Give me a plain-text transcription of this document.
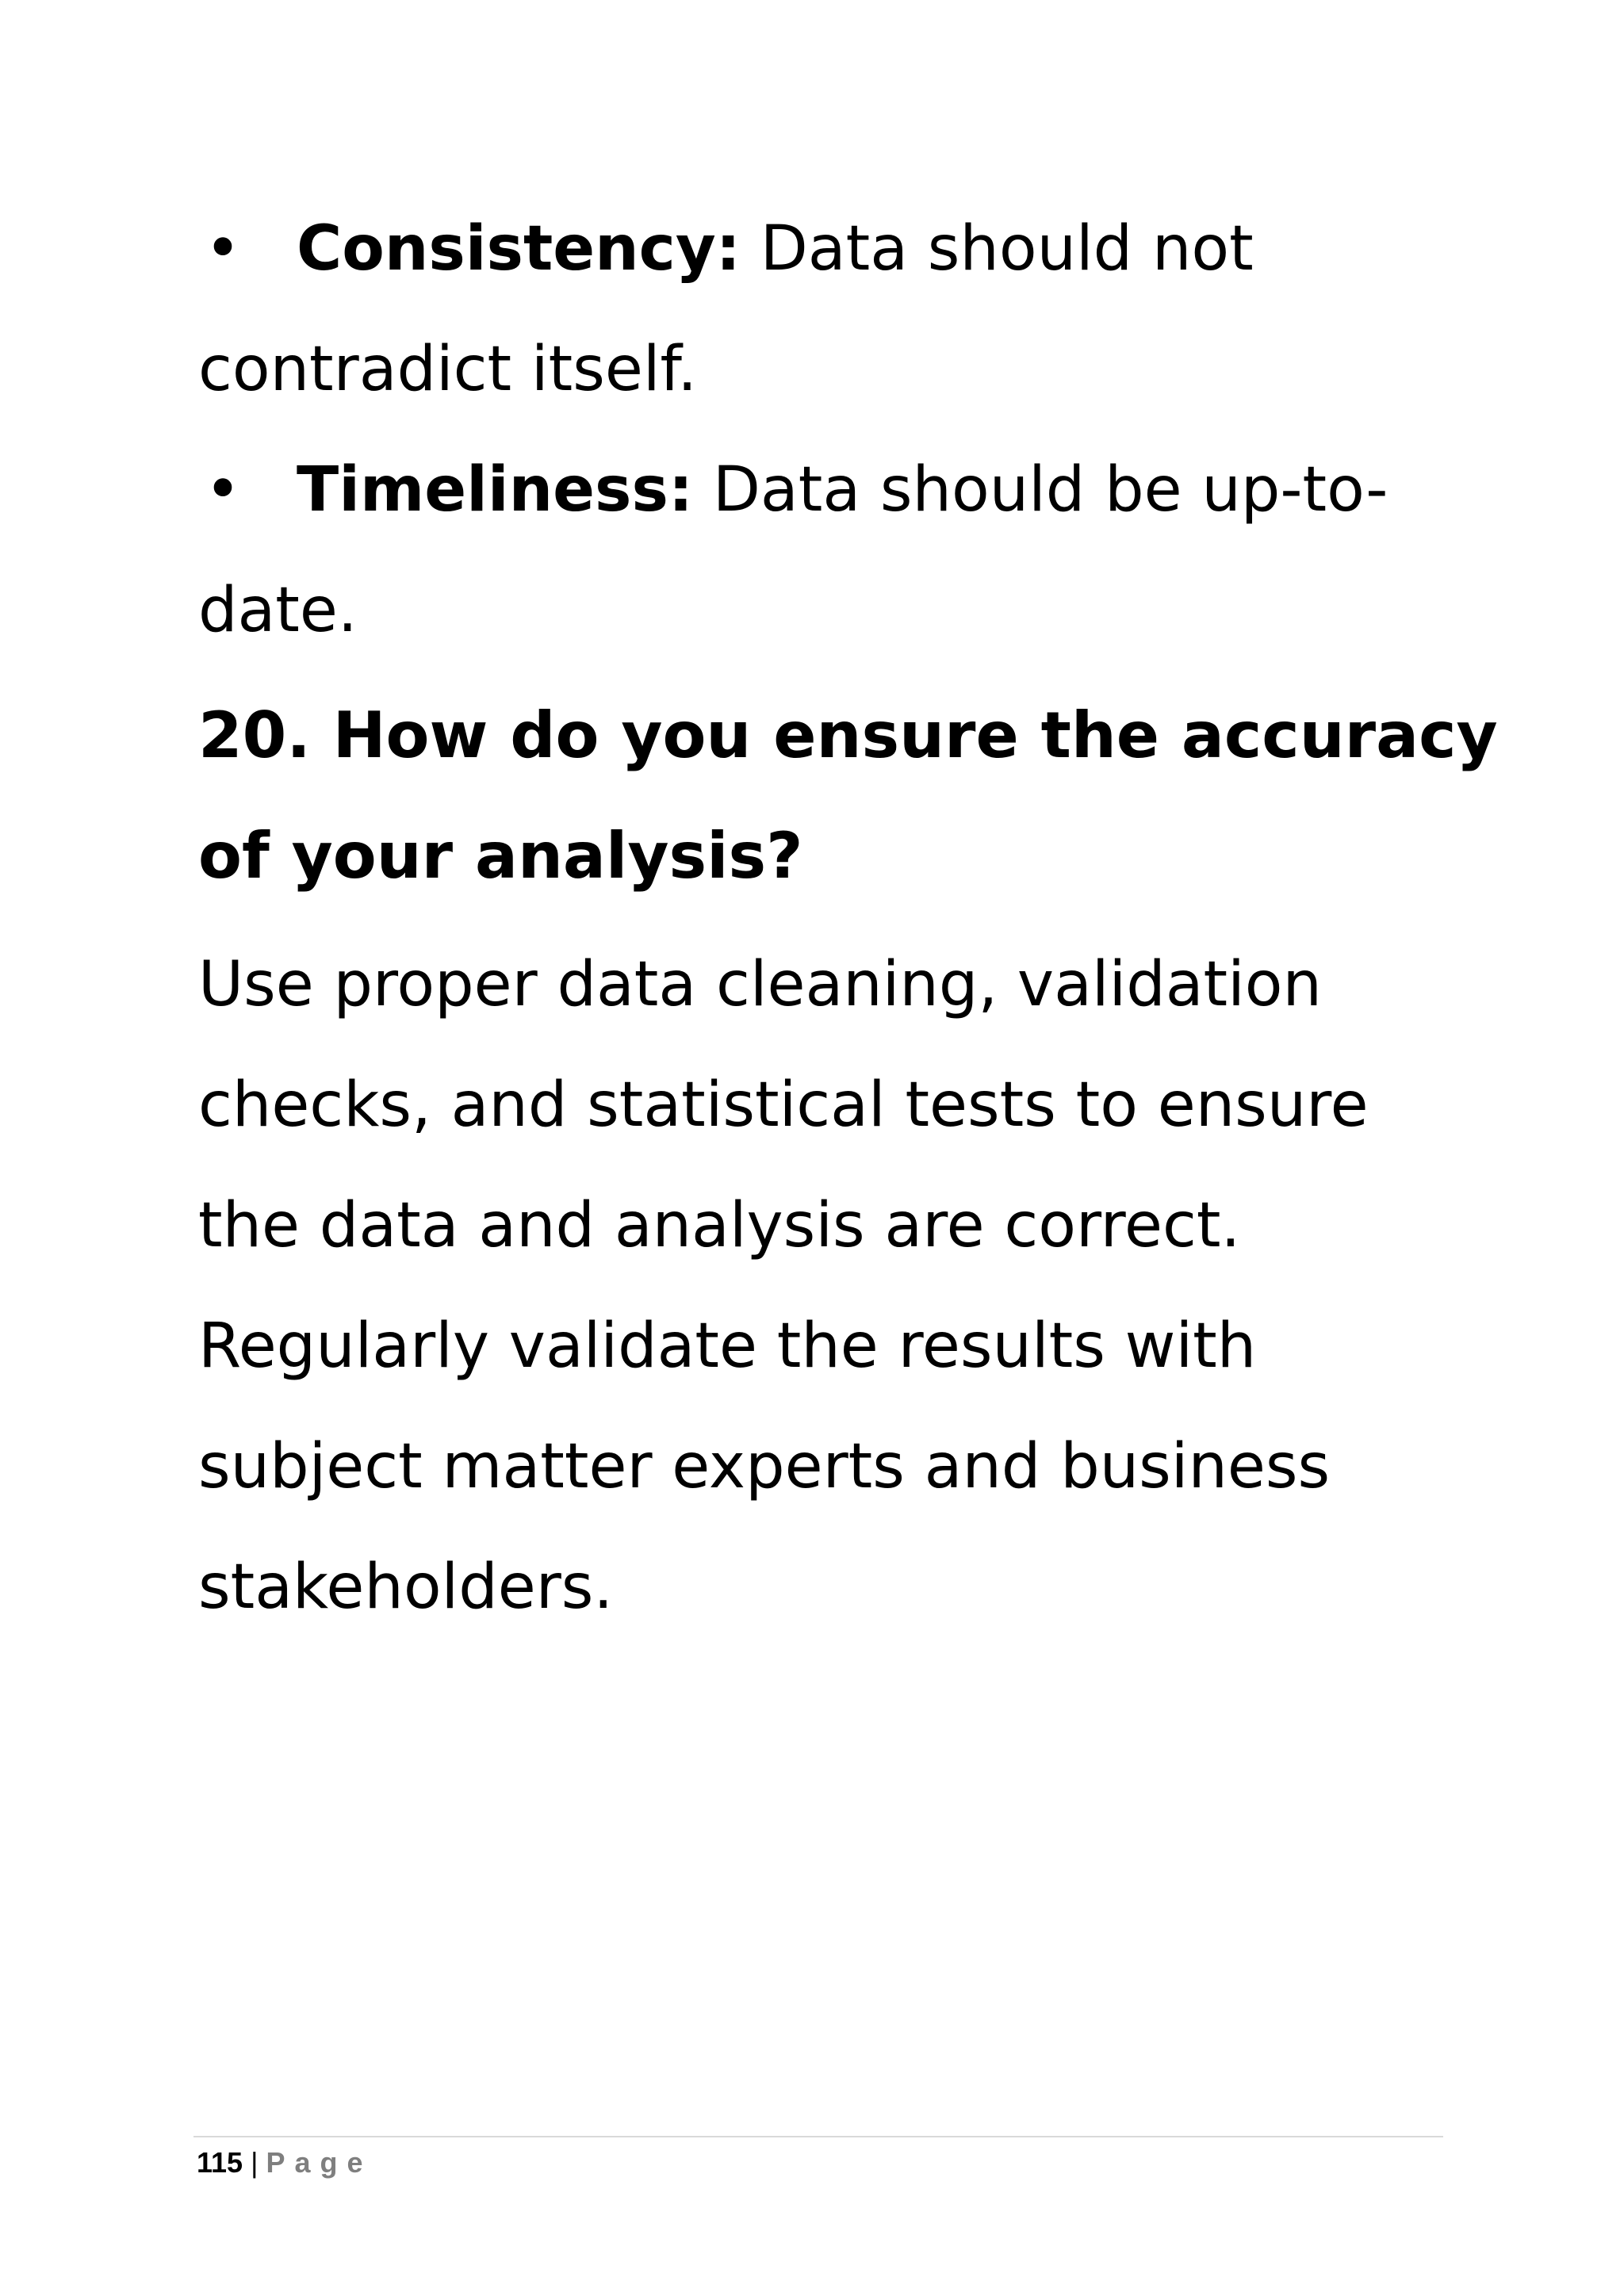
• Consistency: Data should not
contradict itself.
• Timeliness: Data should be up-to-
date.
20. How do you ensure the accuracy
of your analysis?

Use proper data cleaning, validation
checks, and statistical tests to ensure
the data and analysis are correct.
Regularly validate the results with
subject matter experts and business
stakeholders.

115 | Page
